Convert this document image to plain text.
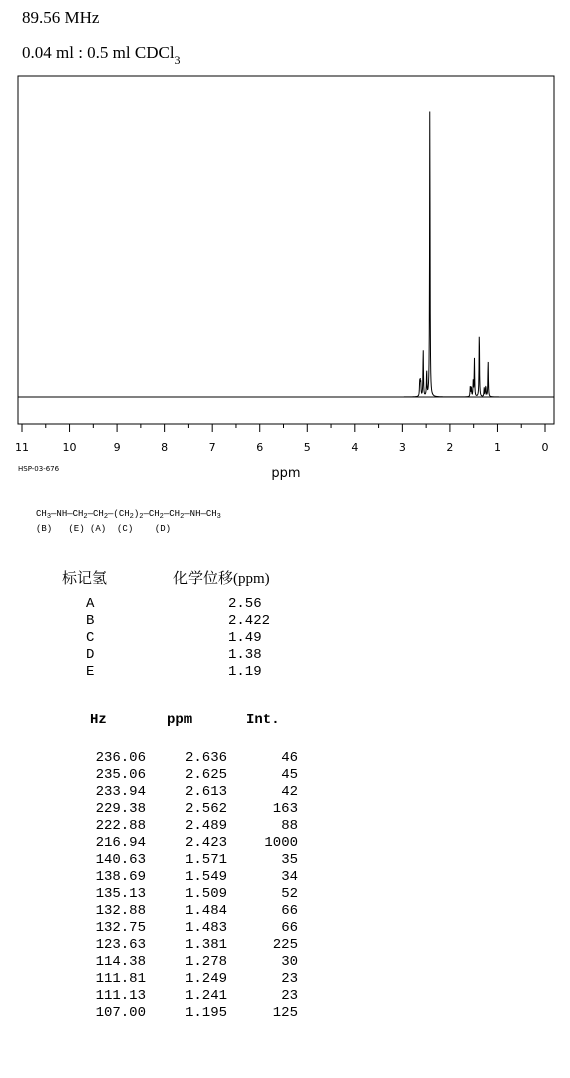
89.56 MHz
0.04 ml : 0.5 ml CDCl$_3$
11	10	9	8	7	6	5	4	3	2	1	0
ppm
HSP-03-676
$CH_3—NH—CH_2—CH_2—(CH_2)_2—CH_2—CH_2—NH—CH_3$
(B)   (E) (A)  (C)    (D)
标记氢	化学位移(ppm)
A	2.56
B	2.422
C	1.49
D	1.38
E	1.19
Hz	ppm	Int.
236.06	2.636	46
235.06	2.625	45
233.94	2.613	42
229.38	2.562	163
222.88	2.489	88
216.94	2.423	1000
140.63	1.571	35
138.69	1.549	34
135.13	1.509	52
132.88	1.484	66
132.75	1.483	66
123.63	1.381	225
114.38	1.278	30
111.81	1.249	23
111.13	1.241	23
107.00	1.195	125
